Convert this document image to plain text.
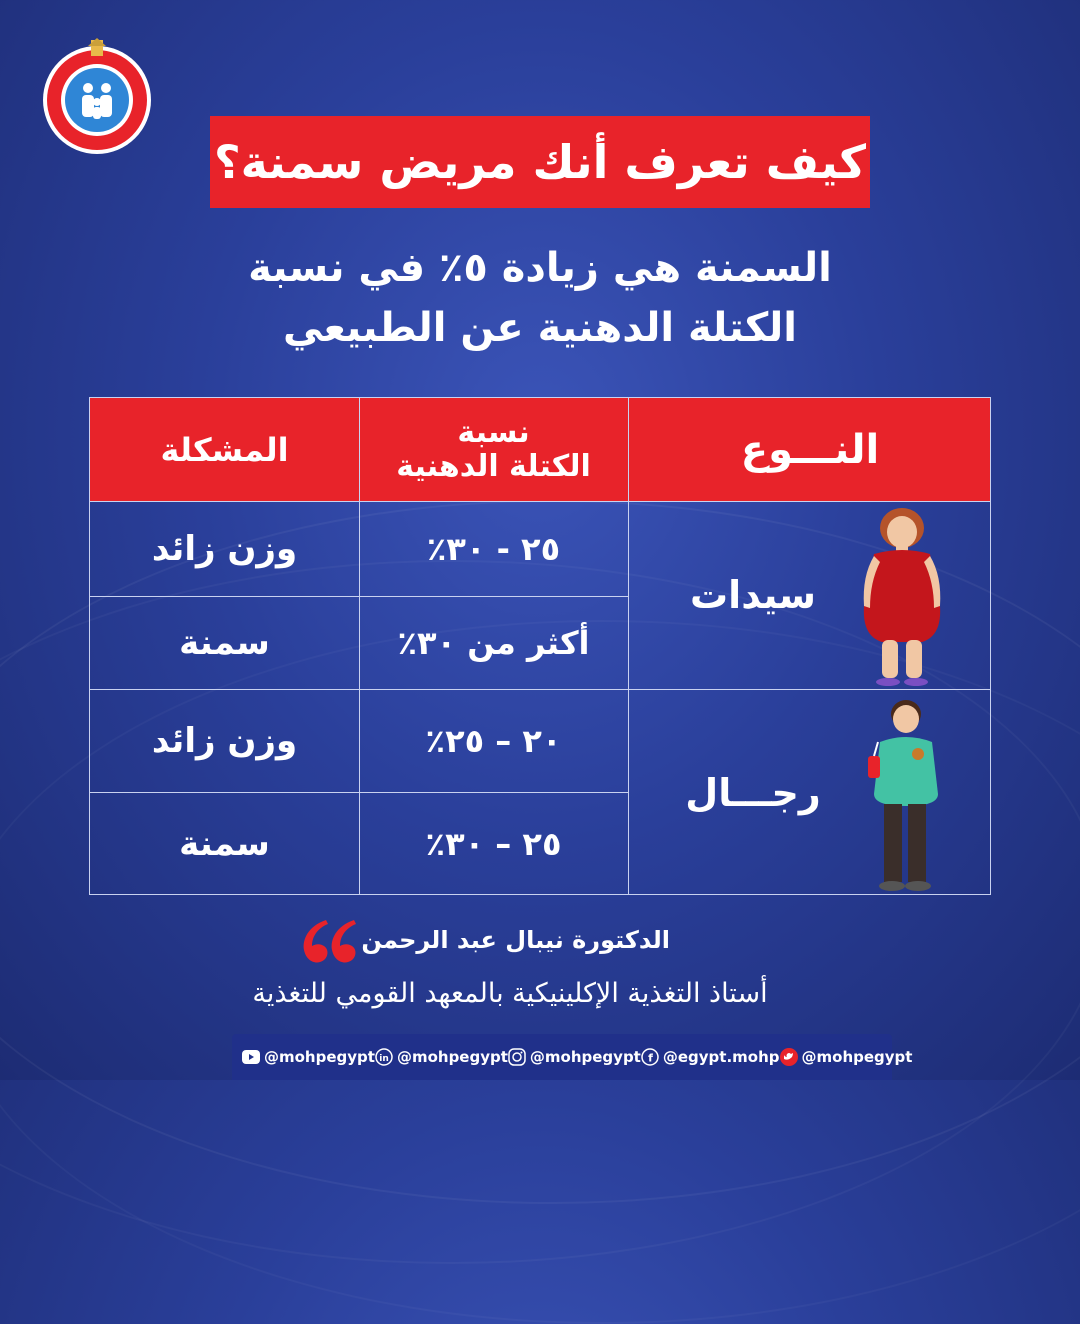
كيف تعرف أنك مريض سمنة؟
السمنة هي زيادة ٥٪ في نسبة
الكتلة الدهنية عن الطبيعي
النـــوع
نسبة
الكتلة الدهنية
المشكلة
سيدات
٢٥ - ٣٠٪
وزن زائد
أكثر من ٣٠٪
سمنة
رجـــال
٢٠ – ٢٥٪
وزن زائد
٢٥ – ٣٠٪
سمنة
الدكتورة نيبال عبد الرحمن
أستاذ التغذية الإكلينيكية بالمعهد القومي للتغذية
@mohpegypt in @mohpegypt @mohpegypt f @egypt.mohp @mohpegypt
